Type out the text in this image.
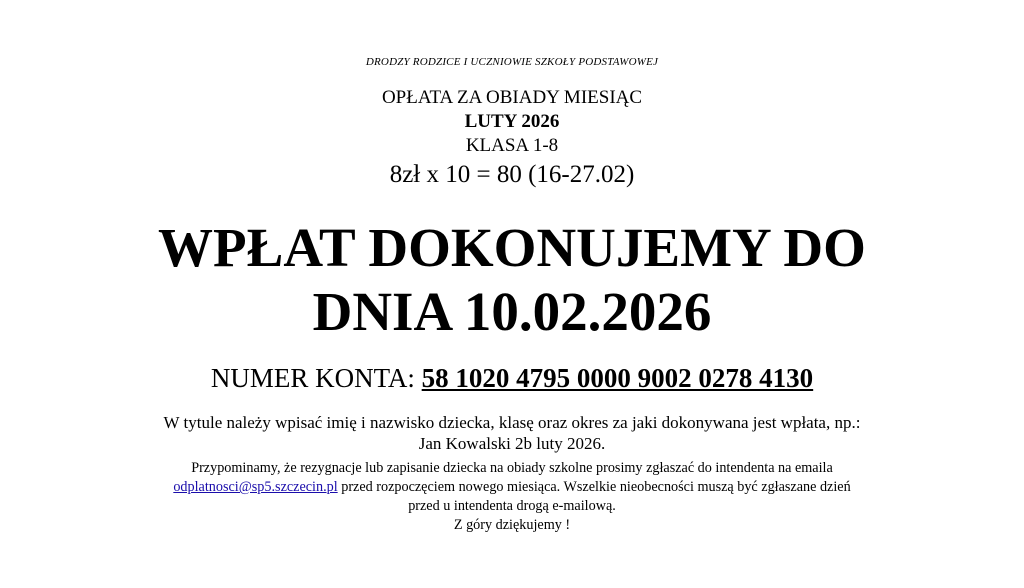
DRODZY RODZICE I UCZNIOWIE SZKOŁY PODSTAWOWEJ
OPŁATA ZA OBIADY MIESIĄC
LUTY 2026
KLASA 1-8
8zł x 10 = 80 (16-27.02)
WPŁAT DOKONUJEMY DO
DNIA 10.02.2026
NUMER KONTA: 58 1020 4795 0000 9002 0278 4130
W tytule należy wpisać imię i nazwisko dziecka, klasę oraz okres za jaki dokonywana jest wpłata, np.:
Jan Kowalski 2b luty 2026.
Przypominamy, że rezygnacje lub zapisanie dziecka na obiady szkolne prosimy zgłaszać do intendenta na emaila
odplatnosci@sp5.szczecin.pl przed rozpoczęciem nowego miesiąca. Wszelkie nieobecności muszą być zgłaszane dzień
przed u intendenta drogą e-mailową.
Z góry dziękujemy !
